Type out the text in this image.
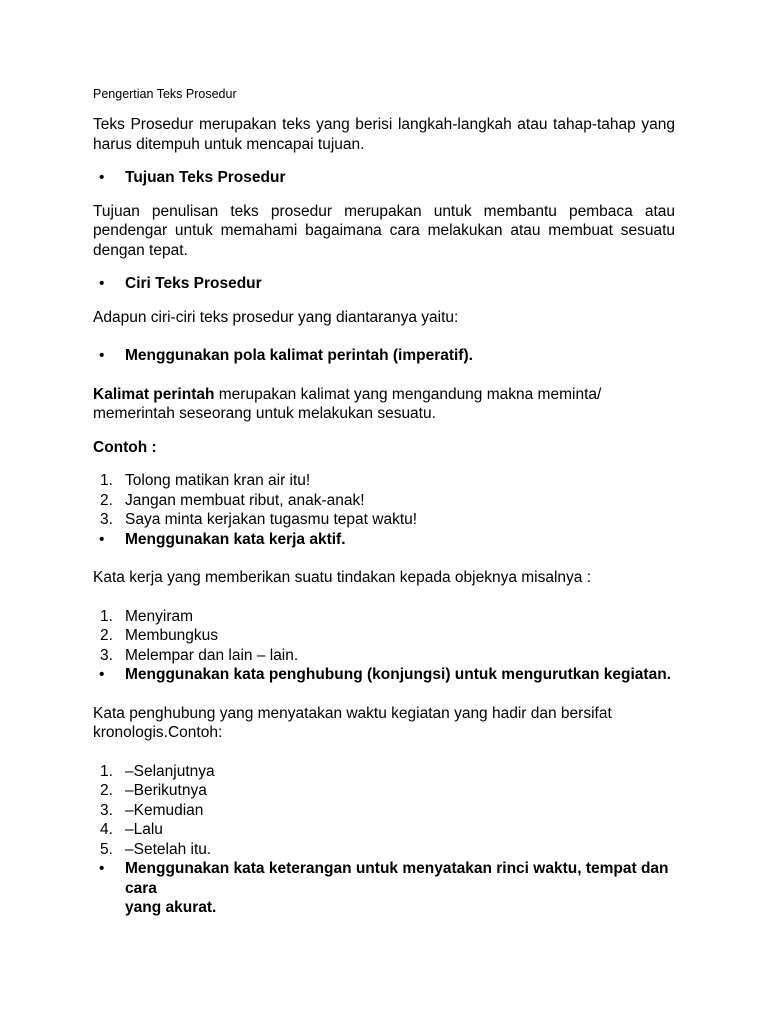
Pengertian Teks Prosedur

Teks Prosedur merupakan teks yang berisi langkah-langkah atau tahap-tahap yang harus ditempuh untuk mencapai tujuan.

• Tujuan Teks Prosedur

Tujuan penulisan teks prosedur merupakan untuk membantu pembaca atau pendengar untuk memahami bagaimana cara melakukan atau membuat sesuatu dengan tepat.

• Ciri Teks Prosedur

Adapun ciri-ciri teks prosedur yang diantaranya yaitu:

• Menggunakan pola kalimat perintah (imperatif).

Kalimat perintah merupakan kalimat yang mengandung makna meminta/
memerintah seseorang untuk melakukan sesuatu.

Contoh :

1. Tolong matikan kran air itu!
2. Jangan membuat ribut, anak-anak!
3. Saya minta kerjakan tugasmu tepat waktu!
• Menggunakan kata kerja aktif.

Kata kerja yang memberikan suatu tindakan kepada objeknya misalnya :

1. Menyiram
2. Membungkus
3. Melempar dan lain – lain.
• Menggunakan kata penghubung (konjungsi) untuk mengurutkan kegiatan.

Kata penghubung yang menyatakan waktu kegiatan yang hadir dan bersifat
kronologis.Contoh:

1. –Selanjutnya
2. –Berikutnya
3. –Kemudian
4. –Lalu
5. –Setelah itu.
• Menggunakan kata keterangan untuk menyatakan rinci waktu, tempat dan cara
yang akurat.
